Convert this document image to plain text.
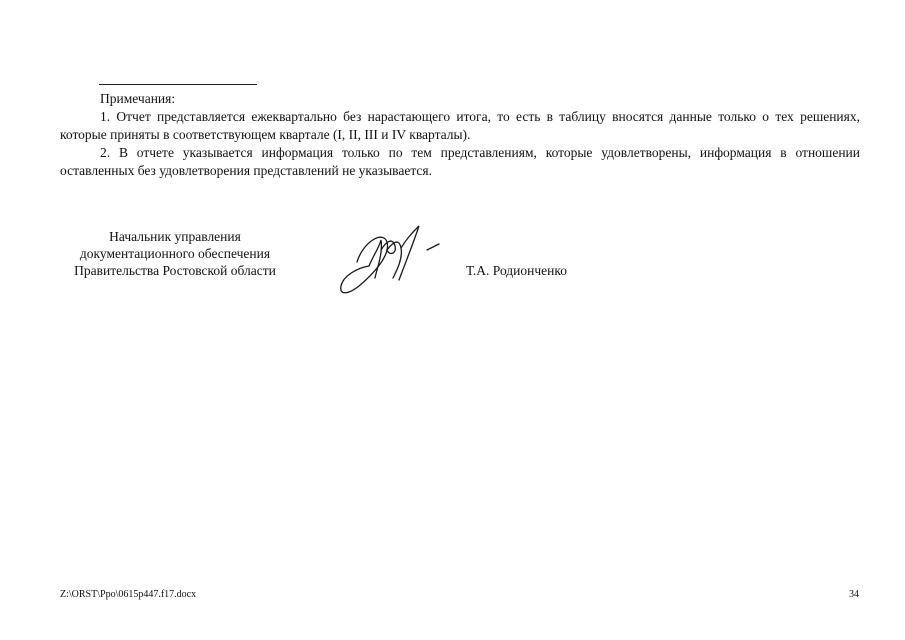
Примечания:

1. Отчет представляется ежеквартально без нарастающего итога, то есть в таблицу вносятся данные только о тех решениях, которые приняты в соответствующем квартале (I, II, III и IV кварталы).

2. В отчете указывается информация только по тем представлениям, которые удовлетворены, информация в отношении оставленных без удовлетворения представлений не указывается.

Начальник управления
документационного обеспечения
Правительства Ростовской области	Т.А. Родионченко
Z:\ORST\Ppo\0615p447.f17.docx	34
